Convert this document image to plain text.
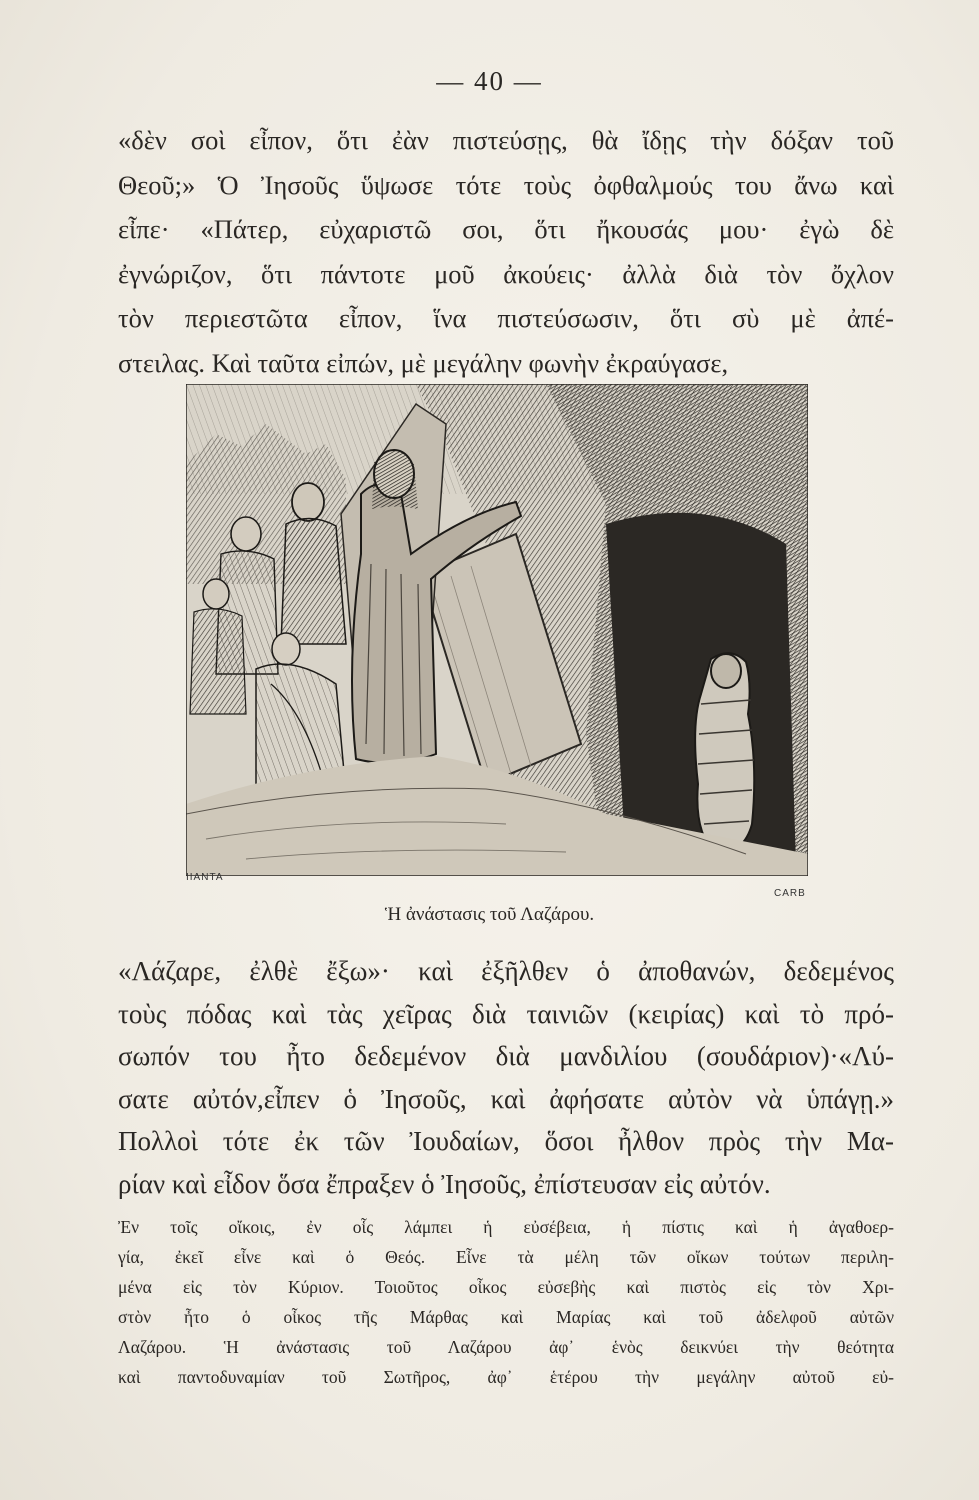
— 40 —
«δὲν σοὶ εἶπον, ὅτι ἐὰν πιστεύσῃς, θὰ ἴδῃς τὴν δόξαν τοῦ
Θεοῦ;» Ὁ Ἰησοῦς ὕψωσε τότε τοὺς ὀφθαλμούς του ἄνω καὶ
εἶπε· «Πάτερ, εὐχαριστῶ σοι, ὅτι ἤκουσάς μου· ἐγὼ δὲ
ἐγνώριζον, ὅτι πάντοτε μοῦ ἀκούεις· ἀλλὰ διὰ τὸν ὄχλον
τὸν περιεστῶτα εἶπον, ἵνα πιστεύσωσιν, ὅτι σὺ μὲ ἀπέ-
στειλας. Καὶ ταῦτα εἰπών, μὲ μεγάλην φωνὴν ἐκραύγασε,
ΙΙΑΝΤΑ
CARB
Ἡ ἀνάστασις τοῦ Λαζάρου.
«Λάζαρε, ἐλθὲ ἔξω»· καὶ ἐξῆλθεν ὁ ἀποθανών, δεδεμένος
τοὺς πόδας καὶ τὰς χεῖρας διὰ ταινιῶν (κειρίας) καὶ τὸ πρό-
σωπόν του ἦτο δεδεμένον διὰ μανδιλίου (σουδάριον)·«Λύ-
σατε αὐτόν,εἶπεν ὁ Ἰησοῦς, καὶ ἀφήσατε αὐτὸν νὰ ὑπάγῃ.»
Πολλοὶ τότε ἐκ τῶν Ἰουδαίων, ὅσοι ἦλθον πρὸς τὴν Μα-
ρίαν καὶ εἶδον ὅσα ἔπραξεν ὁ Ἰησοῦς, ἐπίστευσαν εἰς αὐτόν.
Ἐν τοῖς οἴκοις, ἐν οἷς λάμπει ἡ εὐσέβεια, ἡ πίστις καὶ ἡ ἀγαθοερ-
γία, ἐκεῖ εἶνε καὶ ὁ Θεός. Εἶνε τὰ μέλη τῶν οἴκων τούτων περιλη-
μένα εἰς τὸν Κύριον. Τοιοῦτος οἶκος εὐσεβὴς καὶ πιστὸς εἰς τὸν Χρι-
στὸν ἦτο ὁ οἶκος τῆς Μάρθας καὶ Μαρίας καὶ τοῦ ἀδελφοῦ αὐτῶν
Λαζάρου. Ἡ ἀνάστασις τοῦ Λαζάρου ἀφ᾽ ἑνὸς δεικνύει τὴν θεότητα
καὶ παντοδυναμίαν τοῦ Σωτῆρος, ἀφ᾽ ἑτέρου τὴν μεγάλην αὐτοῦ εὐ-
